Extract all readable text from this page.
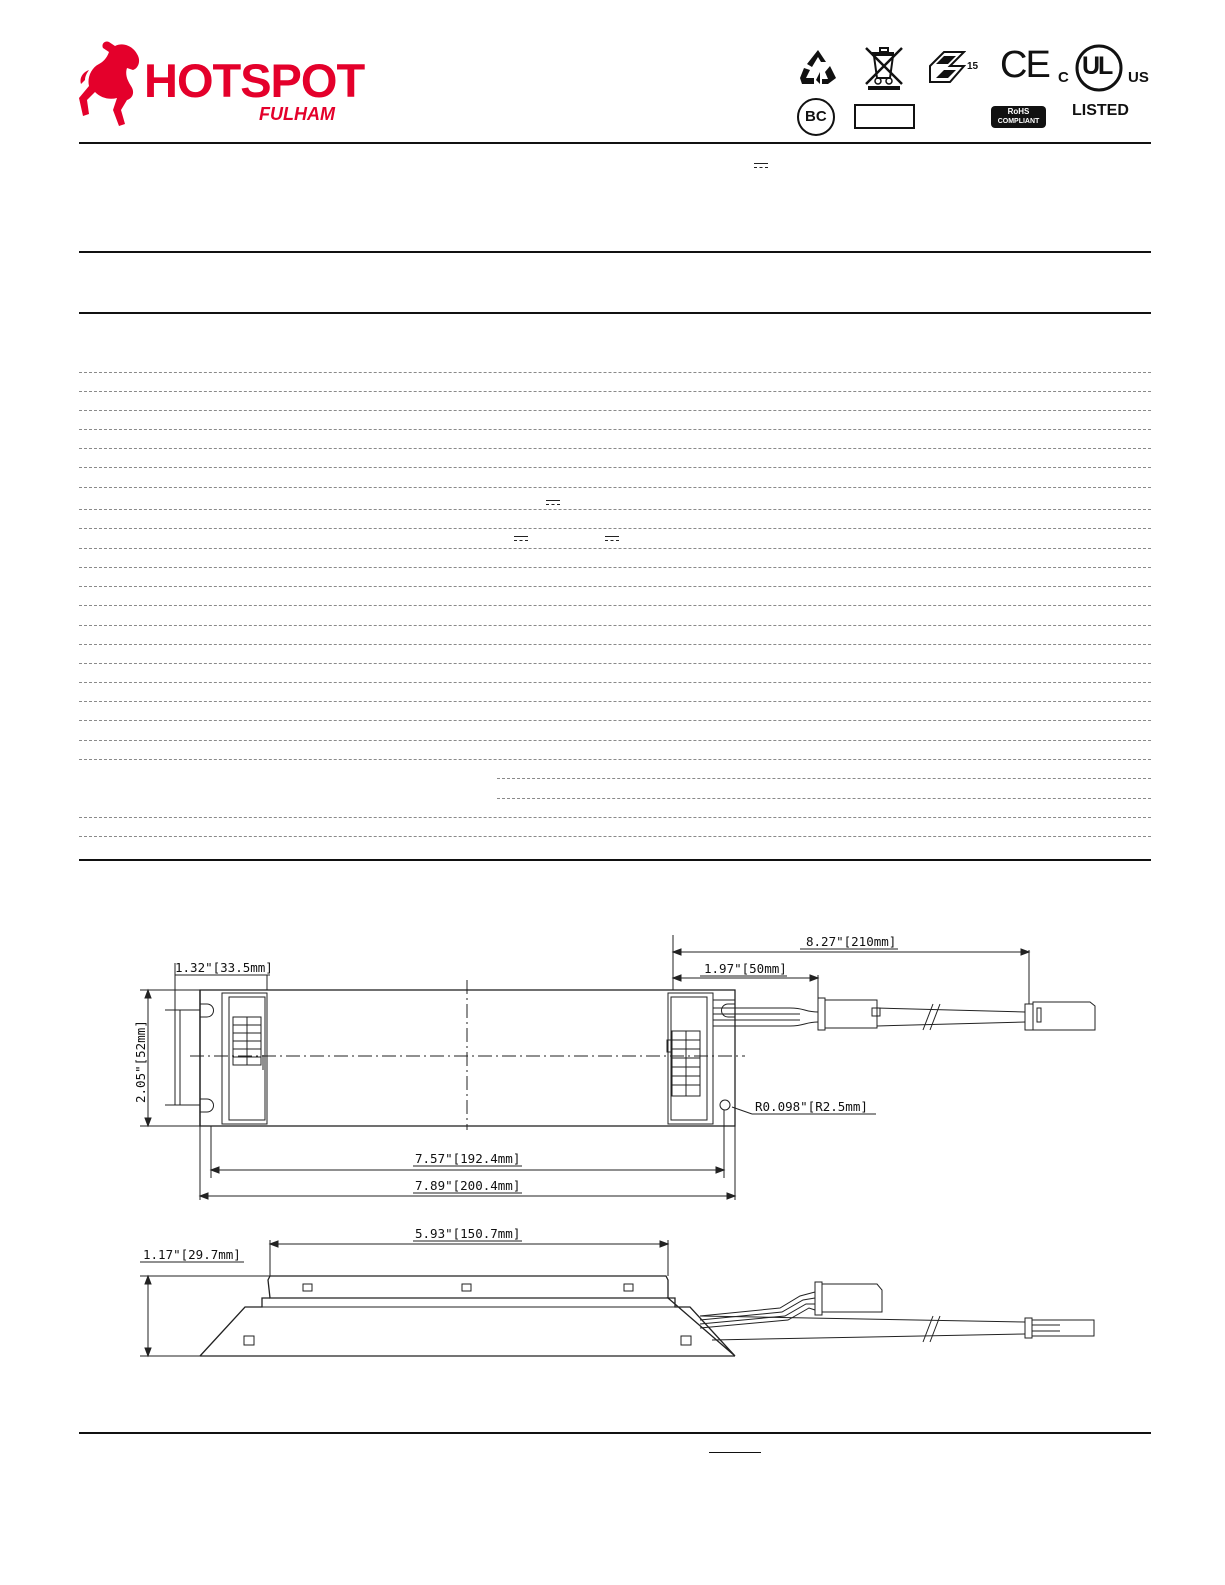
HOTSPOT
FULHAM
15 CE C UL US
LISTED
BC	RoHS
COMPLIANT
8.27"[210mm]
1.97"[50mm]
1.32"[33.5mm]
2.05"[52mm]
R0.098"[R2.5mm]
7.57"[192.4mm]
7.89"[200.4mm]
5.93"[150.7mm]
1.17"[29.7mm]
